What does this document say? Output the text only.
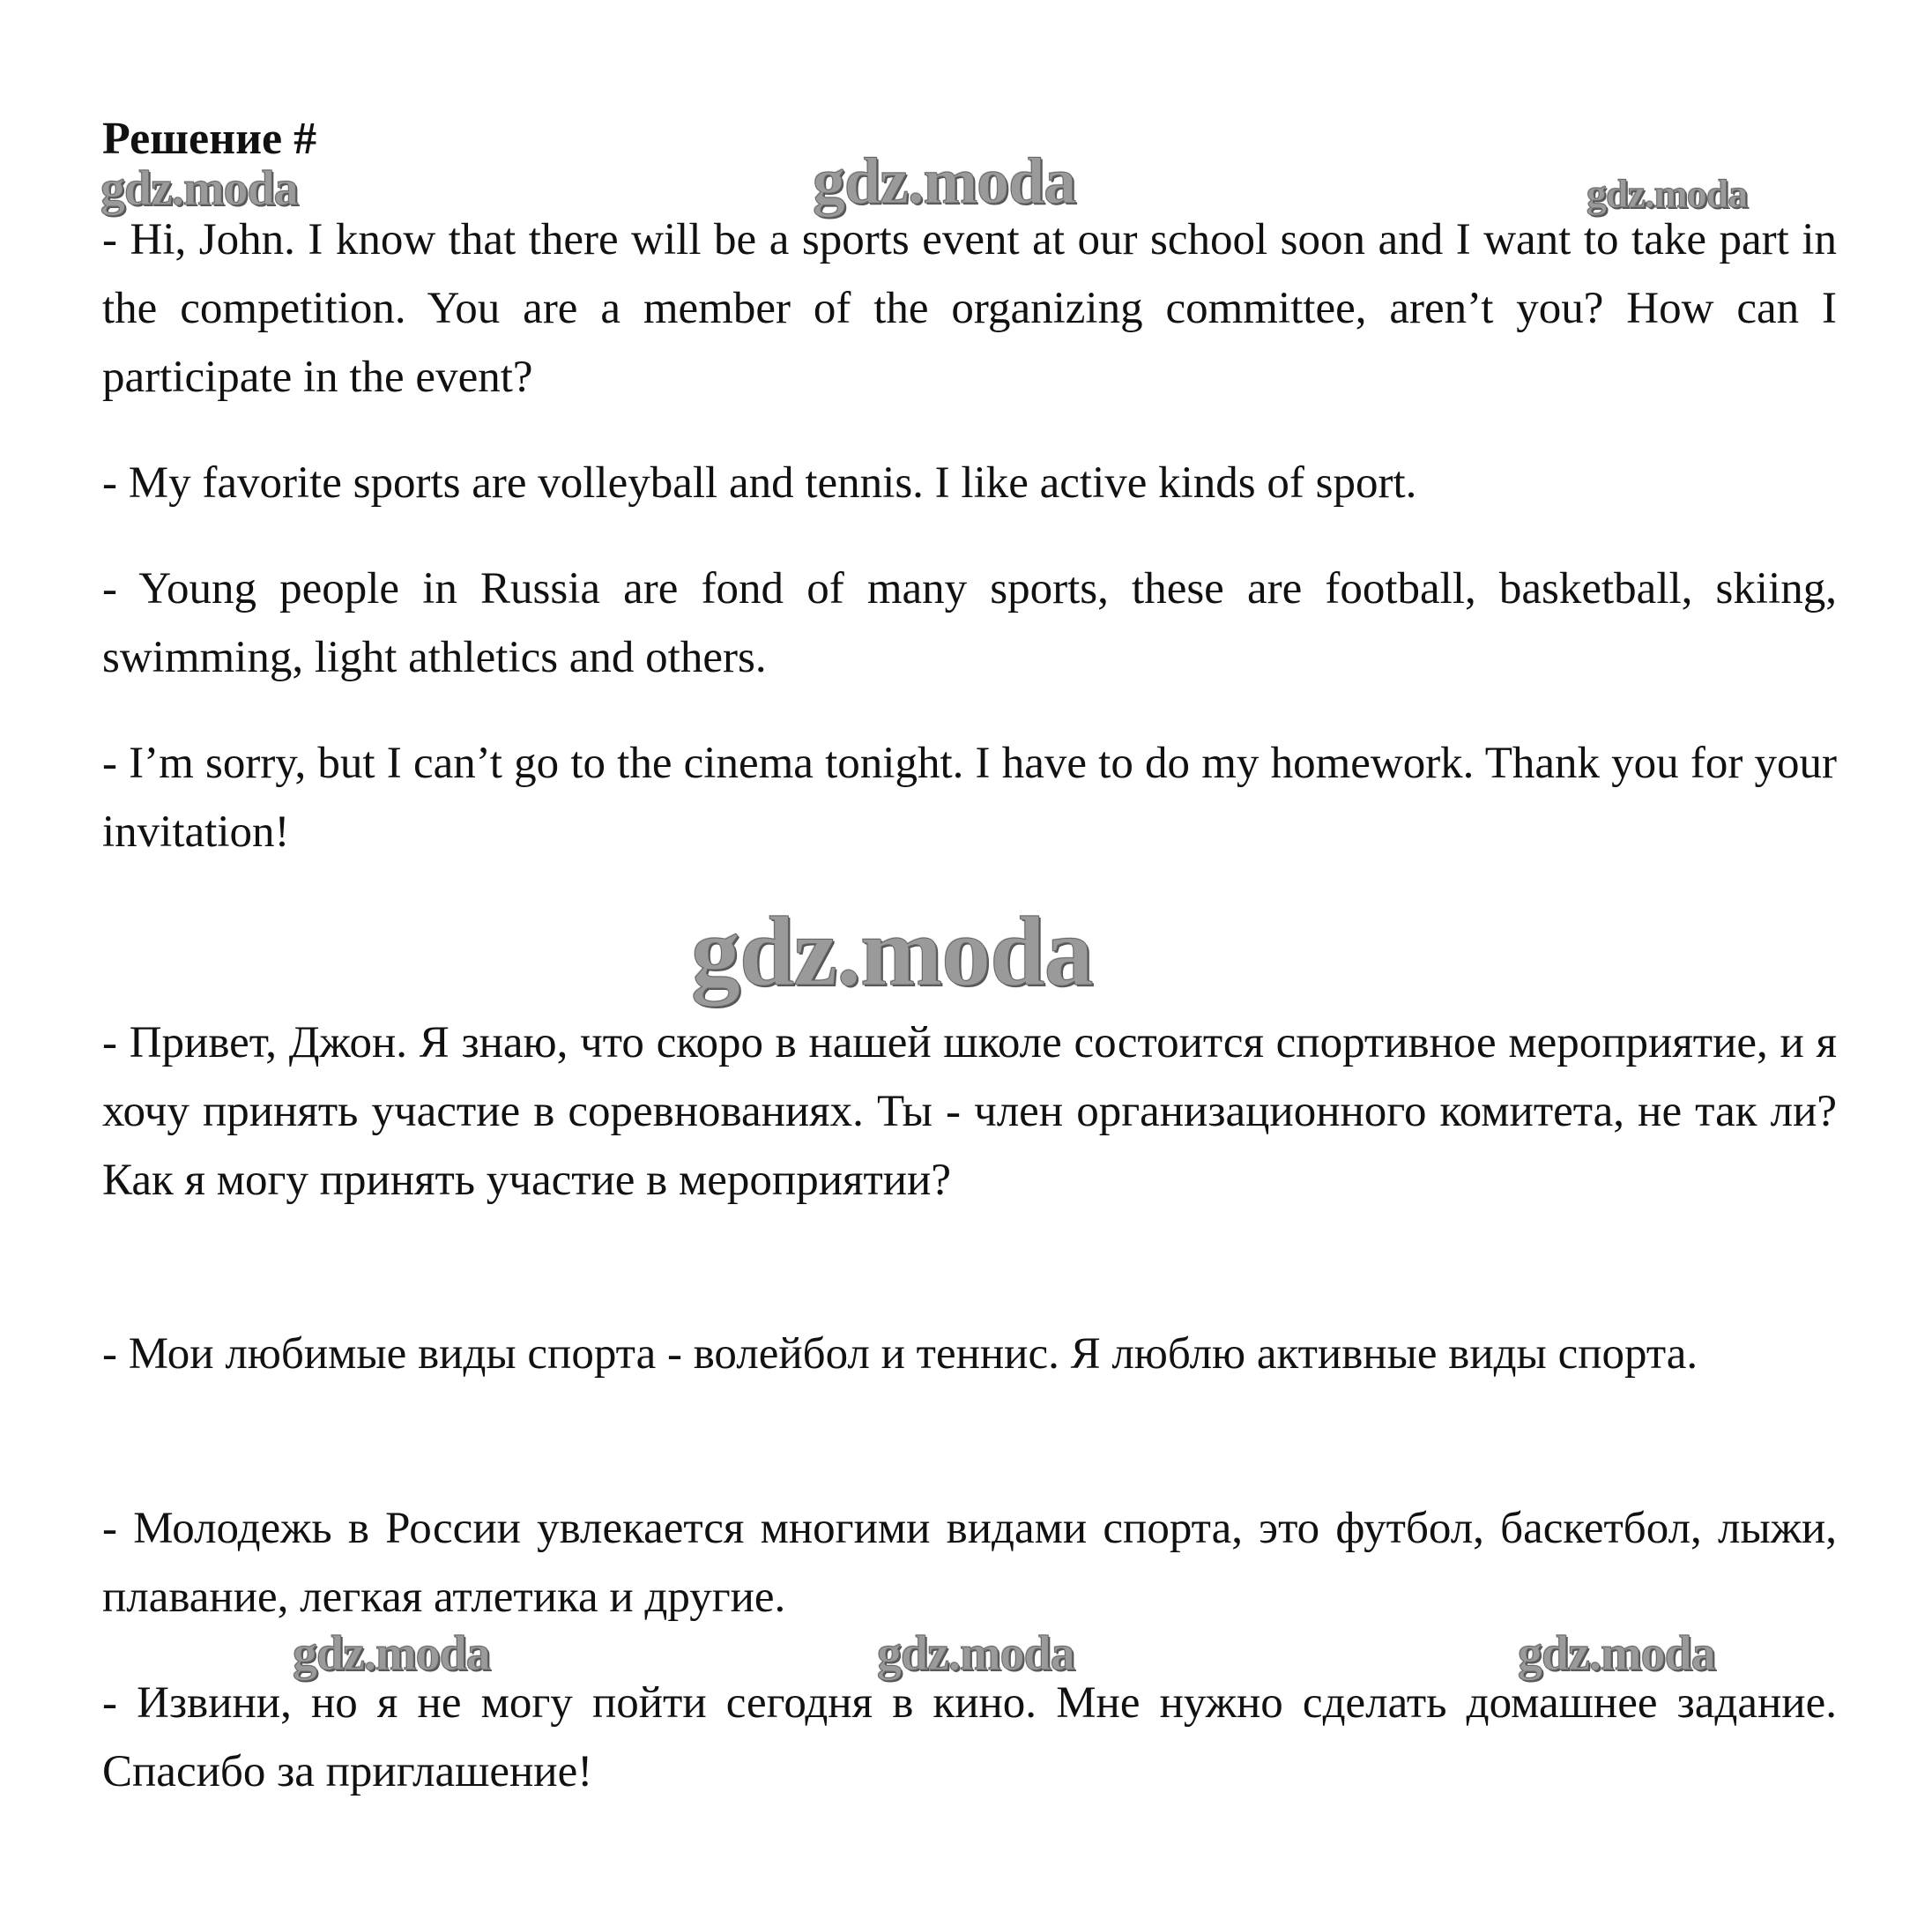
Решение #
gdz.moda	gdz.moda	gdz.moda

- Hi, John. I know that there will be a sports event at our school soon and I want to take part in the competition. You are a member of the organizing committee, aren’t you? How can I participate in the event?

- My favorite sports are volleyball and tennis. I like active kinds of sport.

- Young people in Russia are fond of many sports, these are football, basketball, skiing, swimming, light athletics and others.

- I’m sorry, but I can’t go to the cinema tonight. I have to do my homework. Thank you for your invitation!

gdz.moda

- Привет, Джон. Я знаю, что скоро в нашей школе состоится спортивное мероприятие, и я хочу принять участие в соревнованиях. Ты - член организационного комитета, не так ли? Как я могу принять участие в мероприятии?

- Мои любимые виды спорта - волейбол и теннис. Я люблю активные виды спорта.

- Молодежь в России увлекается многими видами спорта, это футбол, баскетбол, лыжи, плавание, легкая атлетика и другие.

gdz.moda	gdz.moda	gdz.moda

- Извини, но я не могу пойти сегодня в кино. Мне нужно сделать домашнее задание. Спасибо за приглашение!
